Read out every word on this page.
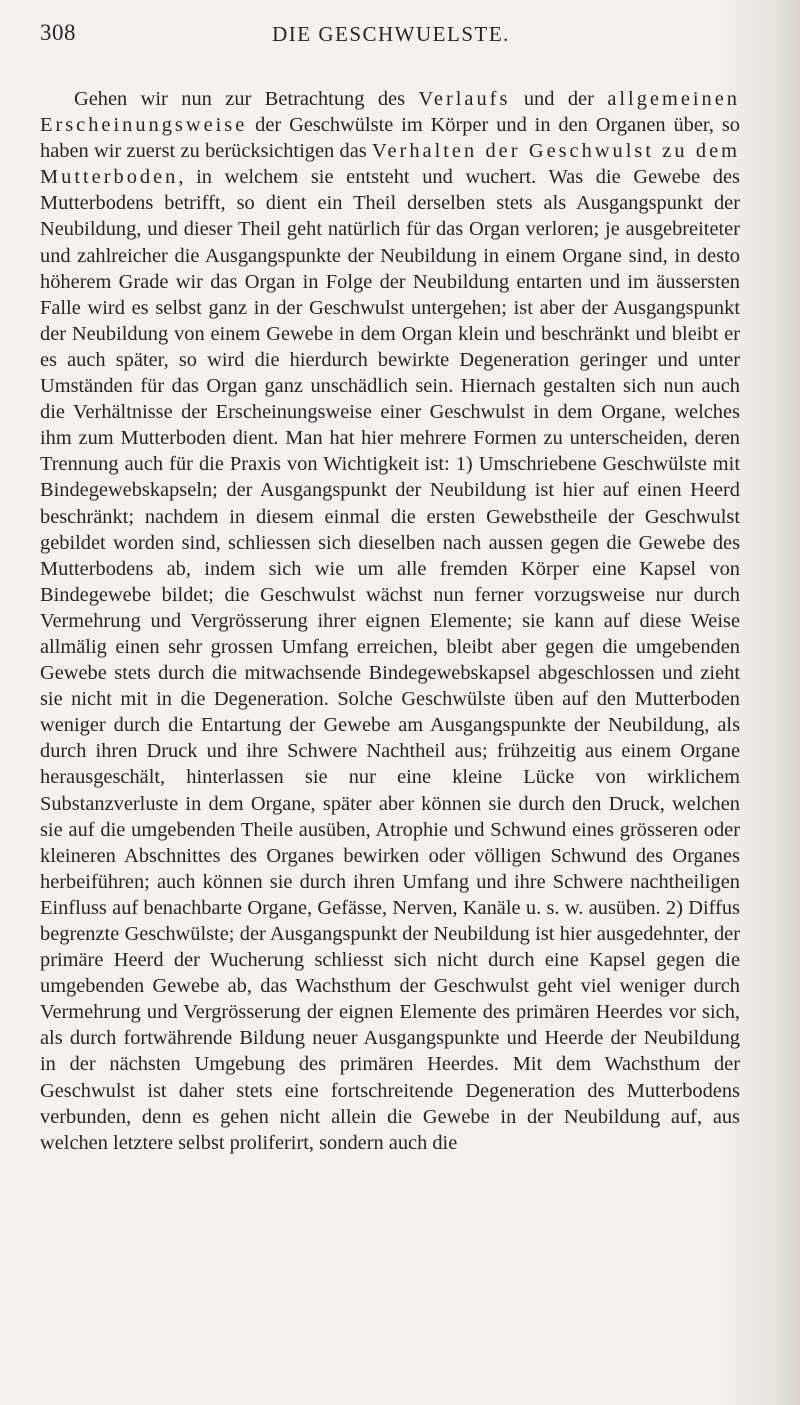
308	DIE GESCHWUELSTE.

Gehen wir nun zur Betrachtung des Verlaufs und der allgemeinen Erscheinungsweise der Geschwülste im Körper und in den Organen über, so haben wir zuerst zu berücksichtigen das Verhalten der Geschwulst zu dem Mutterboden, in welchem sie entsteht und wuchert. Was die Gewebe des Mutterbodens betrifft, so dient ein Theil derselben stets als Ausgangspunkt der Neubildung, und dieser Theil geht natürlich für das Organ verloren; je ausgebreiteter und zahlreicher die Ausgangspunkte der Neubildung in einem Organe sind, in desto höherem Grade wir das Organ in Folge der Neubildung entarten und im äussersten Falle wird es selbst ganz in der Geschwulst untergehen; ist aber der Ausgangspunkt der Neubildung von einem Gewebe in dem Organ klein und beschränkt und bleibt er es auch später, so wird die hierdurch bewirkte Degeneration geringer und unter Umständen für das Organ ganz unschädlich sein. Hiernach gestalten sich nun auch die Verhältnisse der Erscheinungsweise einer Geschwulst in dem Organe, welches ihm zum Mutterboden dient. Man hat hier mehrere Formen zu unterscheiden, deren Trennung auch für die Praxis von Wichtigkeit ist: 1) Umschriebene Geschwülste mit Bindegewebskapseln; der Ausgangspunkt der Neubildung ist hier auf einen Heerd beschränkt; nachdem in diesem einmal die ersten Gewebstheile der Geschwulst gebildet worden sind, schliessen sich dieselben nach aussen gegen die Gewebe des Mutterbodens ab, indem sich wie um alle fremden Körper eine Kapsel von Bindegewebe bildet; die Geschwulst wächst nun ferner vorzugsweise nur durch Vermehrung und Vergrösserung ihrer eignen Elemente; sie kann auf diese Weise allmälig einen sehr grossen Umfang erreichen, bleibt aber gegen die umgebenden Gewebe stets durch die mitwachsende Bindegewebskapsel abgeschlossen und zieht sie nicht mit in die Degeneration. Solche Geschwülste üben auf den Mutterboden weniger durch die Entartung der Gewebe am Ausgangspunkte der Neubildung, als durch ihren Druck und ihre Schwere Nachtheil aus; frühzeitig aus einem Organe herausgeschält, hinterlassen sie nur eine kleine Lücke von wirklichem Substanzverluste in dem Organe, später aber können sie durch den Druck, welchen sie auf die umgebenden Theile ausüben, Atrophie und Schwund eines grösseren oder kleineren Abschnittes des Organes bewirken oder völligen Schwund des Organes herbeiführen; auch können sie durch ihren Umfang und ihre Schwere nachtheiligen Einfluss auf benachbarte Organe, Gefässe, Nerven, Kanäle u. s. w. ausüben. 2) Diffus begrenzte Geschwülste; der Ausgangspunkt der Neubildung ist hier ausgedehnter, der primäre Heerd der Wucherung schliesst sich nicht durch eine Kapsel gegen die umgebenden Gewebe ab, das Wachsthum der Geschwulst geht viel weniger durch Vermehrung und Vergrösserung der eignen Elemente des primären Heerdes vor sich, als durch fortwährende Bildung neuer Ausgangspunkte und Heerde der Neubildung in der nächsten Umgebung des primären Heerdes. Mit dem Wachsthum der Geschwulst ist daher stets eine fortschreitende Degeneration des Mutterbodens verbunden, denn es gehen nicht allein die Gewebe in der Neubildung auf, aus welchen letztere selbst proliferirt, sondern auch die
